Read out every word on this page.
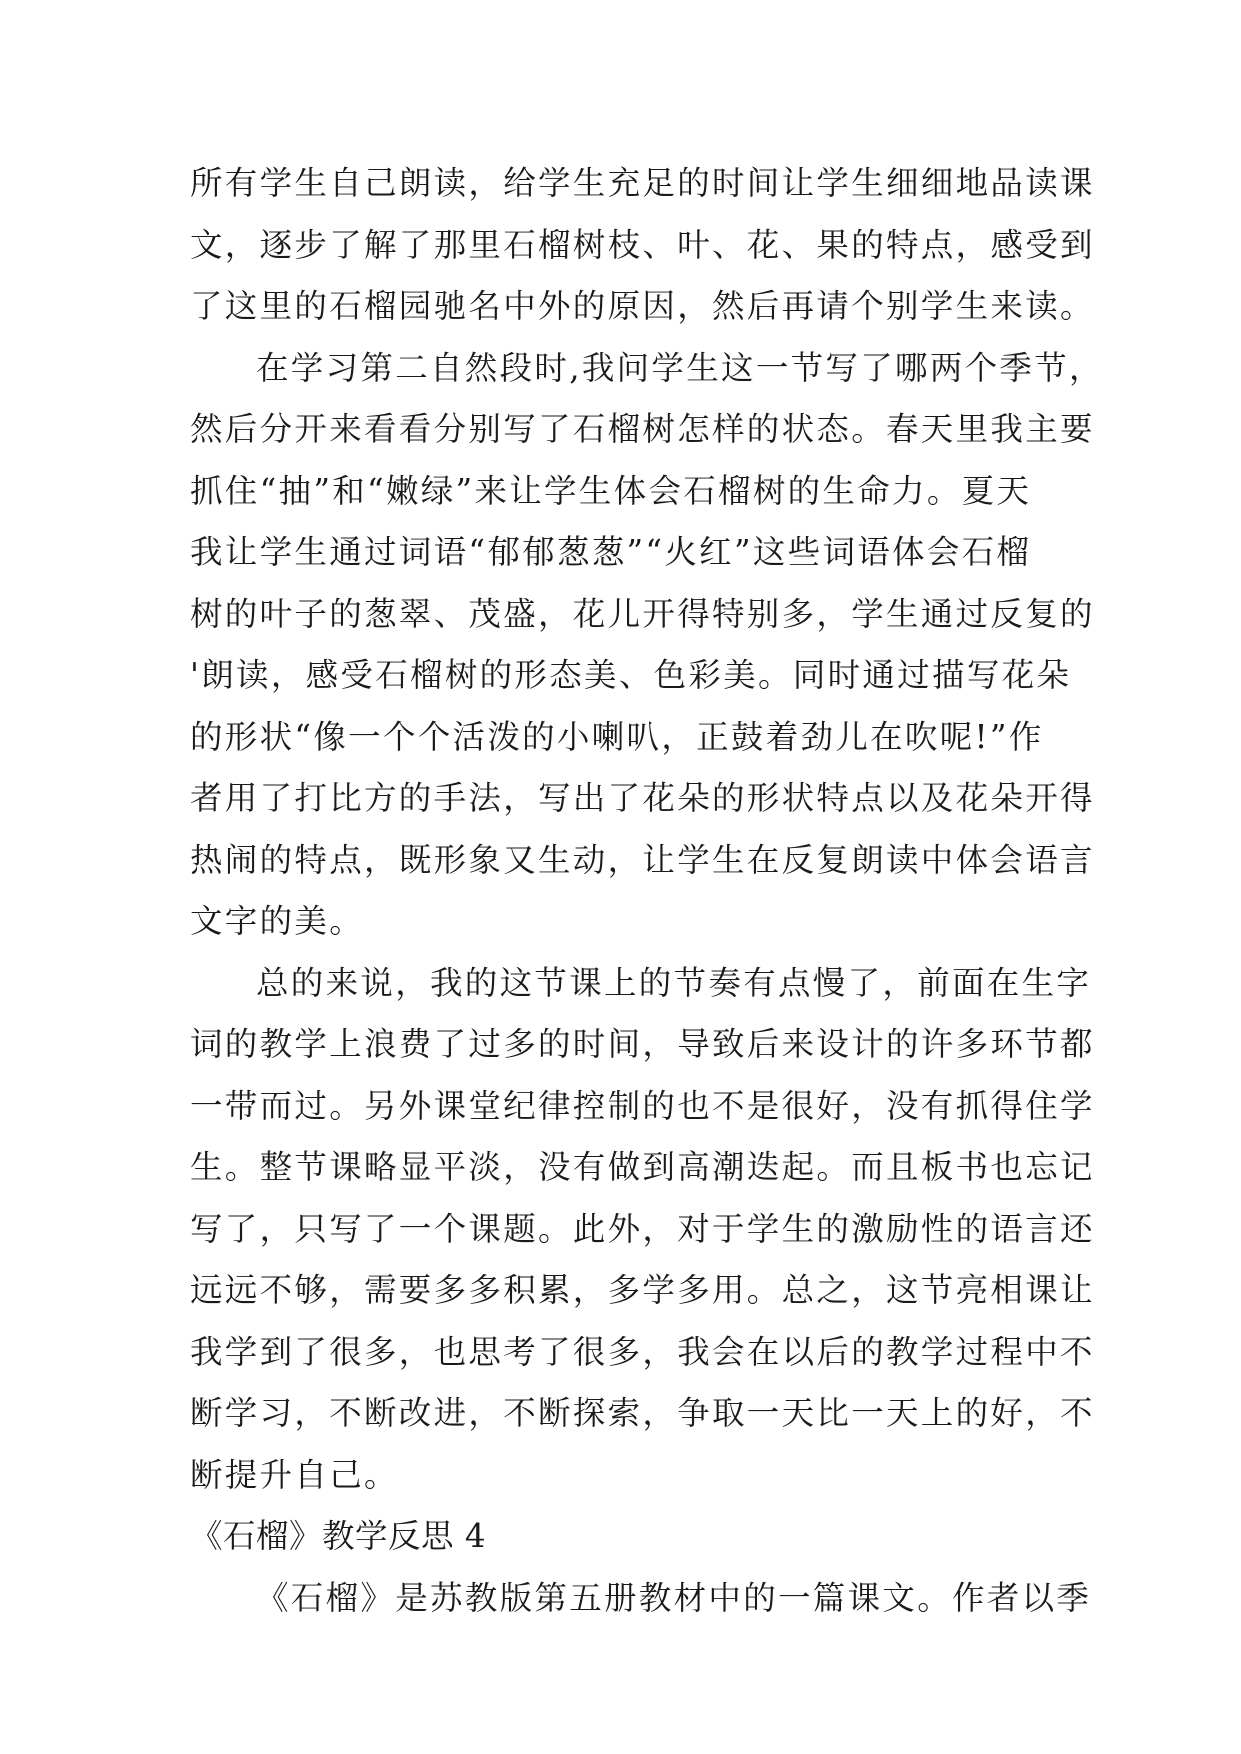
所有学生自己朗读，给学生充足的时间让学生细细地品读课
文，逐步了解了那里石榴树枝、叶、花、果的特点，感受到
了这里的石榴园驰名中外的原因，然后再请个别学生来读。
在学习第二自然段时,我问学生这一节写了哪两个季节，
然后分开来看看分别写了石榴树怎样的状态。春天里我主要
抓住“抽”和“嫩绿”来让学生体会石榴树的生命力。夏天
我让学生通过词语“郁郁葱葱”“火红”这些词语体会石榴
树的叶子的葱翠、茂盛，花儿开得特别多，学生通过反复的
'朗读，感受石榴树的形态美、色彩美。同时通过描写花朵
的形状“像一个个活泼的小喇叭，正鼓着劲儿在吹呢!”作
者用了打比方的手法，写出了花朵的形状特点以及花朵开得
热闹的特点，既形象又生动，让学生在反复朗读中体会语言
文字的美。
总的来说，我的这节课上的节奏有点慢了，前面在生字
词的教学上浪费了过多的时间，导致后来设计的许多环节都
一带而过。另外课堂纪律控制的也不是很好，没有抓得住学
生。整节课略显平淡，没有做到高潮迭起。而且板书也忘记
写了，只写了一个课题。此外，对于学生的激励性的语言还
远远不够，需要多多积累，多学多用。总之，这节亮相课让
我学到了很多，也思考了很多，我会在以后的教学过程中不
断学习，不断改进，不断探索，争取一天比一天上的好，不
断提升自己。
《石榴》教学反思 4
《石榴》是苏教版第五册教材中的一篇课文。作者以季
